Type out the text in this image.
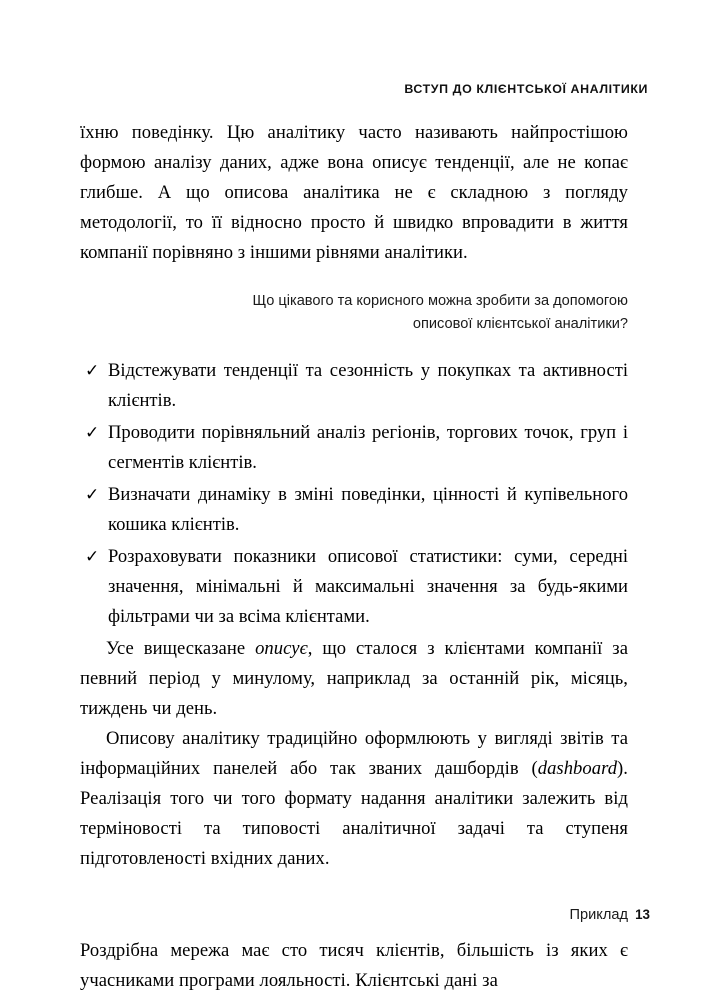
ВСТУП ДО КЛІЄНТСЬКОЇ АНАЛІТИКИ

їхню поведінку. Цю аналітику часто називають найпростішою формою аналізу даних, адже вона описує тенденції, але не копає глибше. А що описова аналітика не є складною з погляду методології, то її відносно просто й швидко впровадити в життя компанії порівняно з іншими рівнями аналітики.

Що цікавого та корисного можна зробити за допомогою описової клієнтської аналітики?
✓ Відстежувати тенденції та сезонність у покупках та активності клієнтів.
✓ Проводити порівняльний аналіз регіонів, торгових точок, груп і сегментів клієнтів.
✓ Визначати динаміку в зміні поведінки, цінності й купівельного кошика клієнтів.
✓ Розраховувати показники описової статистики: суми, середні значення, мінімальні й максимальні значення за будь-якими фільтрами чи за всіма клієнтами.

Усе вищесказане описує, що сталося з клієнтами компанії за певний період у минулому, наприклад за останній рік, місяць, тиждень чи день.

Описову аналітику традиційно оформлюють у вигляді звітів та інформаційних панелей або так званих дашбордів (dashboard). Реалізація того чи того формату надання аналітики залежить від терміновості та типовості аналітичної задачі та ступеня підготовленості вхідних даних.

Приклад

Роздрібна мережа має сто тисяч клієнтів, більшість із яких є учасниками програми лояльності. Клієнтські дані за

13
